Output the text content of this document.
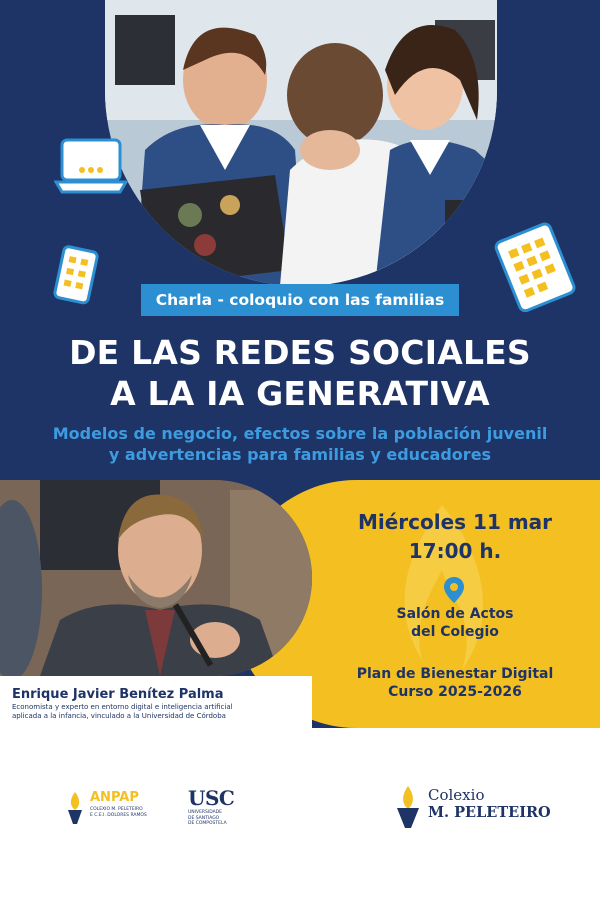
Charla - coloquio con las familias
DE LAS REDES SOCIALES
A LA IA GENERATIVA
Modelos de negocio, efectos sobre la población juvenil
y advertencias para familias y educadores
Enrique Javier Benítez Palma
Economista y experto en entorno digital e inteligencia artificial
aplicada a la infancia, vinculado a la Universidad de Córdoba
Miércoles 11 mar
17:00 h.
Salón de Actos
del Colegio
Plan de Bienestar Digital
Curso 2025-2026
ANPAP
COLEXIO M. PELETEIRO
E C.E.I. DOLORES RAMOS
USC
UNIVERSIDADE
DE SANTIAGO
DE COMPOSTELA
Colexio
M. PELETEIRO
